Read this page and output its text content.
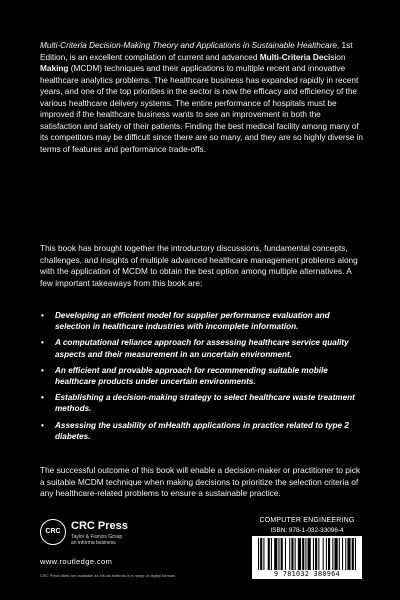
Multi-Criteria Decision-Making Theory and Applications in Sustainable Healthcare, 1st Edition, is an excellent compilation of current and advanced Multi-Criteria Decision Making (MCDM) techniques and their applications to multiple recent and innovative healthcare analytics problems. The healthcare business has expanded rapidly in recent years, and one of the top priorities in the sector is now the efficacy and efficiency of the various healthcare delivery systems. The entire performance of hospitals must be improved if the healthcare business wants to see an improvement in both the satisfaction and safety of their patients. Finding the best medical facility among many of its competitors may be difficult since there are so many, and they are so highly diverse in terms of features and performance trade-offs.

This book has brought together the introductory discussions, fundamental concepts, challenges, and insights of multiple advanced healthcare management problems along with the application of MCDM to obtain the best option among multiple alternatives. A few important takeaways from this book are:

• Developing an efficient model for supplier performance evaluation and selection in healthcare industries with incomplete information.
• A computational reliance approach for assessing healthcare service quality aspects and their measurement in an uncertain environment.
• An efficient and provable approach for recommending suitable mobile healthcare products under uncertain environments.
• Establishing a decision-making strategy to select healthcare waste treatment methods.
• Assessing the usability of mHealth applications in practice related to type 2 diabetes.

The successful outcome of this book will enable a decision-maker or practitioner to pick a suitable MCDM technique when making decisions to prioritize the selection criteria of any healthcare-related problems to ensure a sustainable practice.

CRC CRC Press
Taylor & Francis Group
an informa business
www.routledge.com
CRC Press titles are available as eBook editions in a range of digital formats
COMPUTER ENGINEERING
ISBN: 978-1-032-33096-4
9 781032 380964
